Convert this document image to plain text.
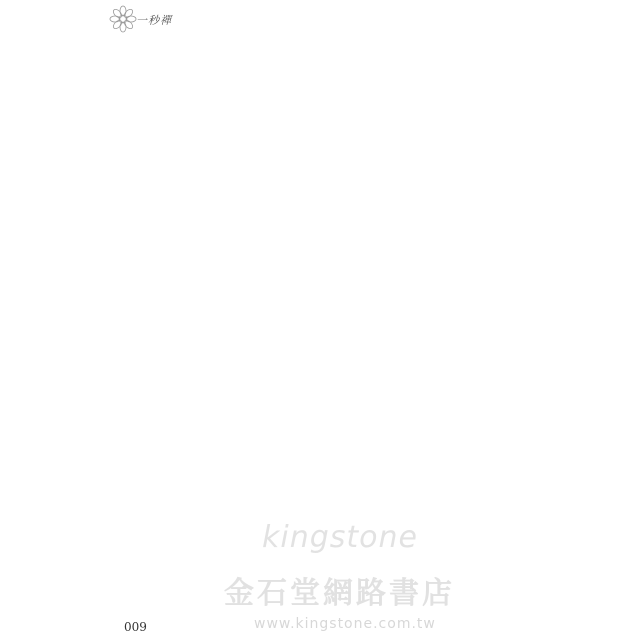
一秒禪
kingstone
金石堂網路書店
www.kingstone.com.tw
009
